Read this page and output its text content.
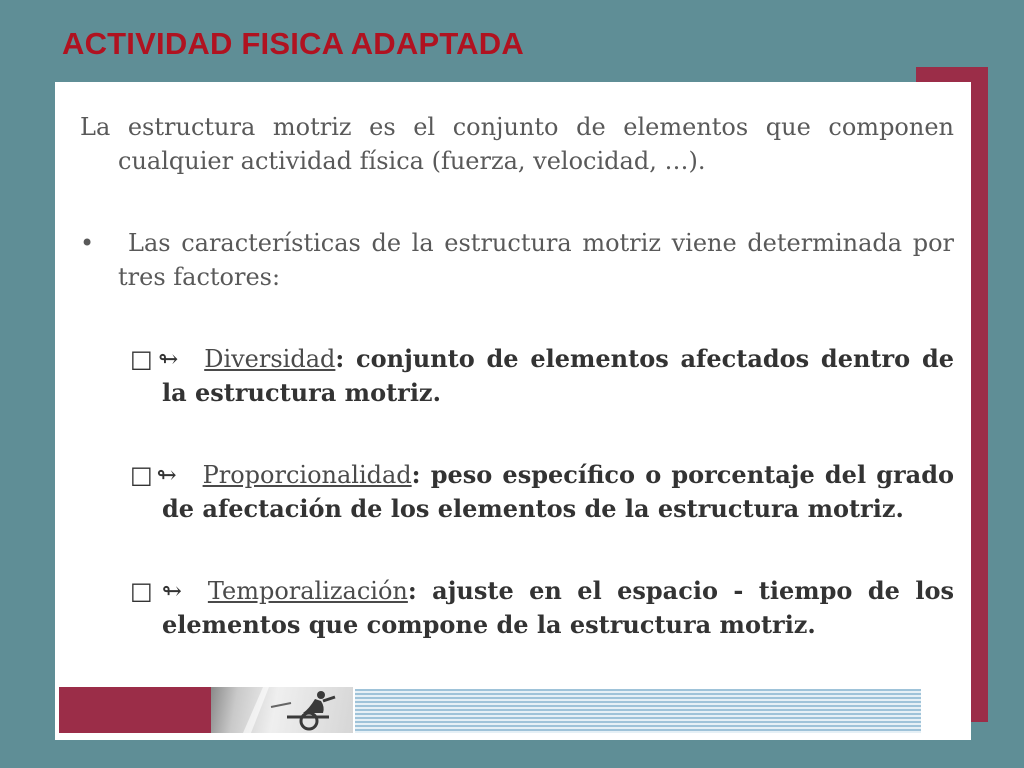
ACTIVIDAD FISICA ADAPTADA

La estructura motriz es el conjunto de elementos que componen cualquier actividad física (fuerza, velocidad, …).

• Las características de la estructura motriz viene determinada por tres factores:

□↬ Diversidad: conjunto de elementos afectados dentro de la estructura motriz.

□↬ Proporcionalidad: peso específico o porcentaje del grado de afectación de los elementos de la estructura motriz.

□↬ Temporalización: ajuste en el espacio - tiempo de los elementos que compone de la estructura motriz.
